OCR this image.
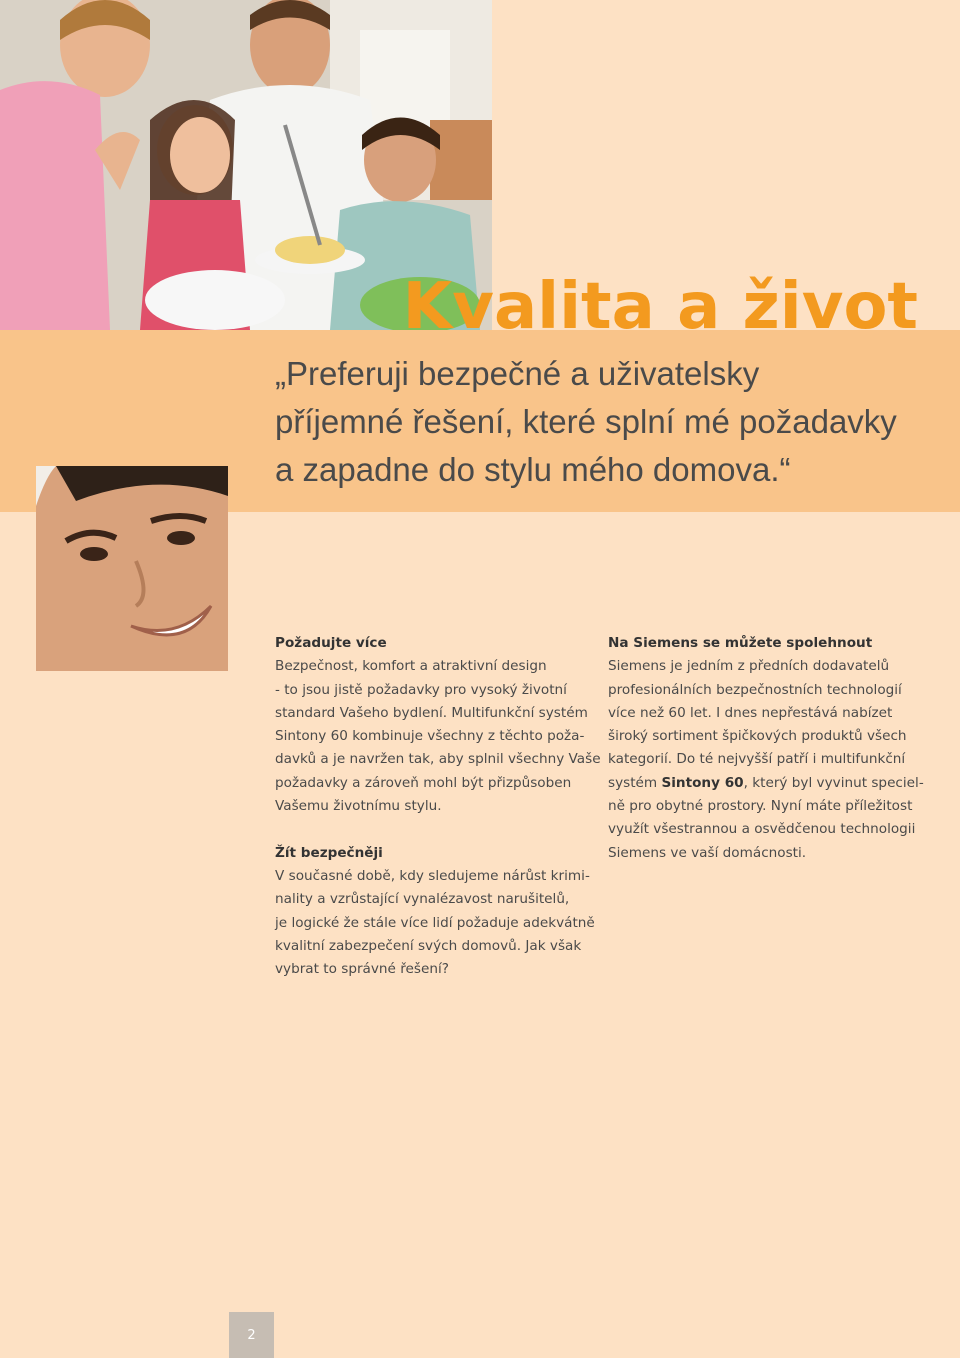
Kvalita a život
„Preferuji bezpečné a uživatelsky
příjemné řešení, které splní mé požadavky
a zapadne do stylu mého domova.“
Požadujte více
Bezpečnost, komfort a atraktivní design
- to jsou jistě požadavky pro vysoký životní
standard Vašeho bydlení. Multifunkční systém
Sintony 60 kombinuje všechny z těchto poža-
davků a je navržen tak, aby splnil všechny Vaše
požadavky a zároveň mohl být přizpůsoben
Vašemu životnímu stylu.
Žít bezpečněji
V současné době, kdy sledujeme nárůst krimi-
nality a vzrůstající vynalézavost narušitelů,
je logické že stále více lidí požaduje adekvátně
kvalitní zabezpečení svých domovů. Jak však
vybrat to správné řešení?
Na Siemens se můžete spolehnout
Siemens je jedním z předních dodavatelů
profesionálních bezpečnostních technologií
více než 60 let. I dnes nepřestává nabízet
široký sortiment špičkových produktů všech
kategorií. Do té nejvyšší patří i multifunkční
systém Sintony 60, který byl vyvinut speciel-
ně pro obytné prostory. Nyní máte příležitost
využít všestrannou a osvědčenou technologii
Siemens ve vaší domácnosti.
2
